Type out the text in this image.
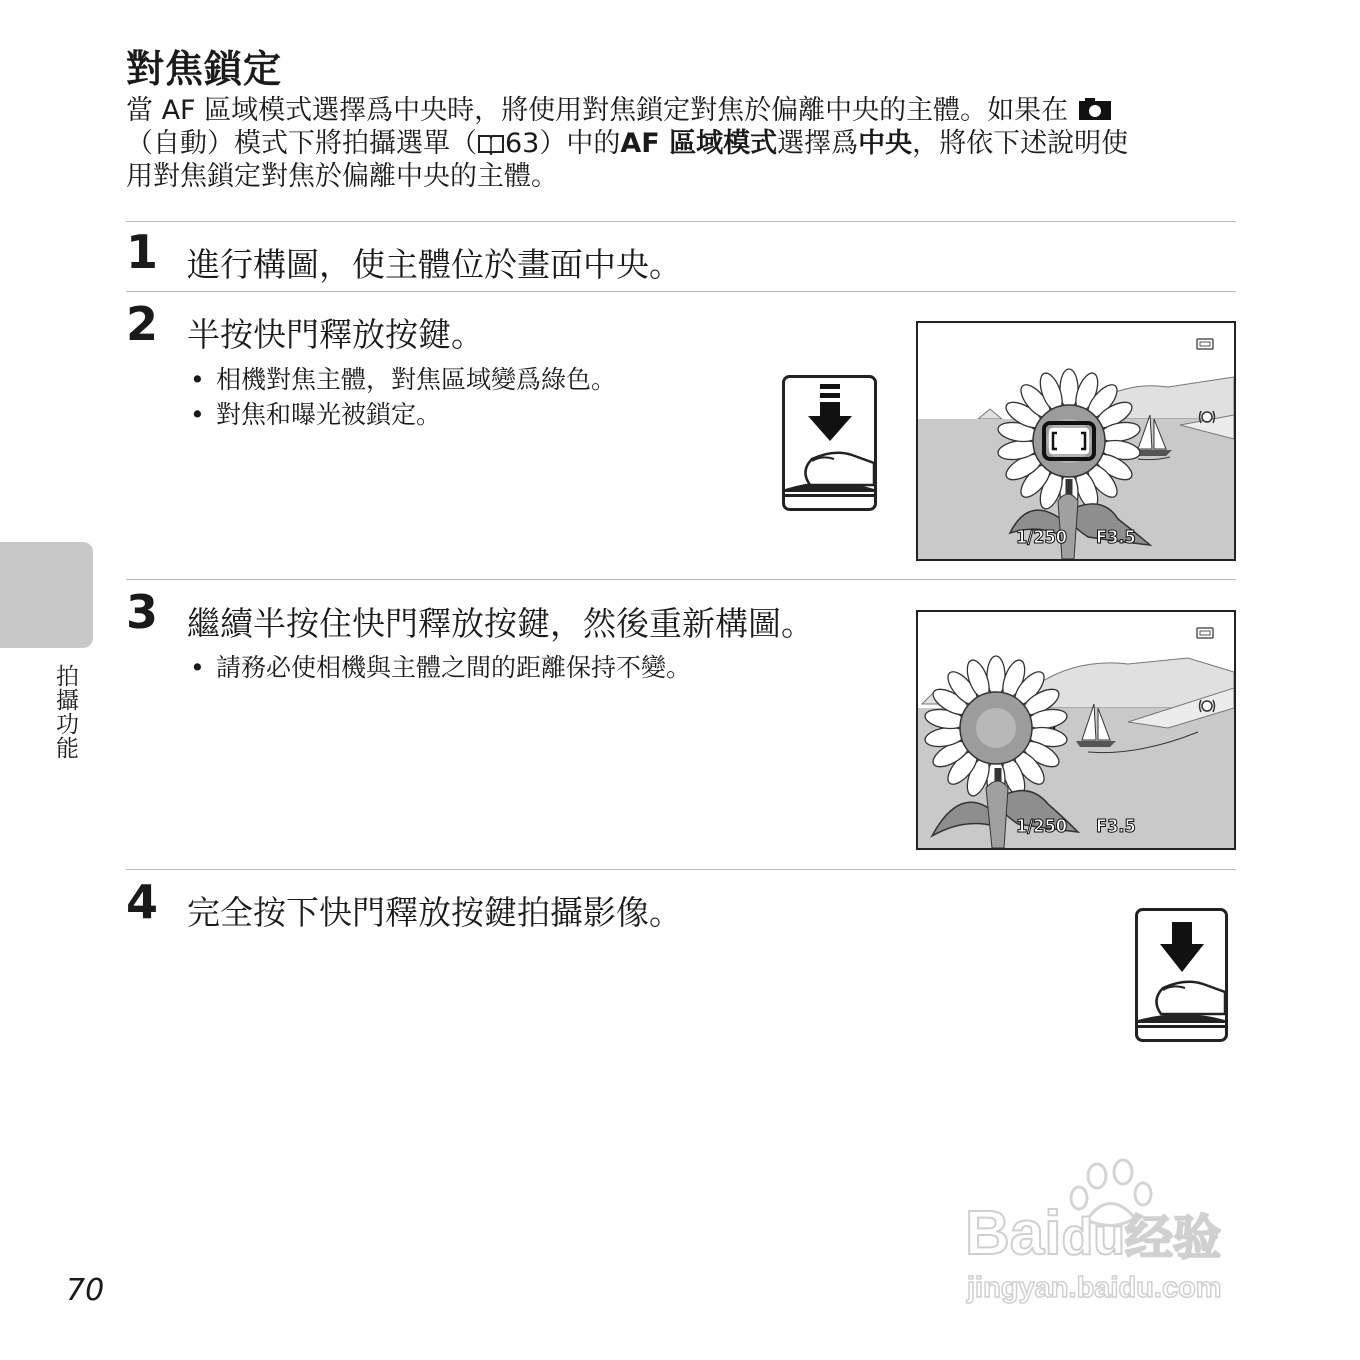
對焦鎖定
當 AF 區域模式選擇爲中央時，將使用對焦鎖定對焦於偏離中央的主體。如果在
（自動）模式下將拍攝選單（ 63）中的AF 區域模式選擇爲中央，將依下述說明使
用對焦鎖定對焦於偏離中央的主體。
1 進行構圖，使主體位於畫面中央。
2 半按快門釋放按鍵。
• 相機對焦主體，對焦區域變爲綠色。
• 對焦和曝光被鎖定。
1/250 F3.5
3 繼續半按住快門釋放按鍵，然後重新構圖。
• 請務必使相機與主體之間的距離保持不變。
1/250 F3.5
4 完全按下快門釋放按鍵拍攝影像。
拍攝功能
70
Baidu经验
jingyan.baidu.com
